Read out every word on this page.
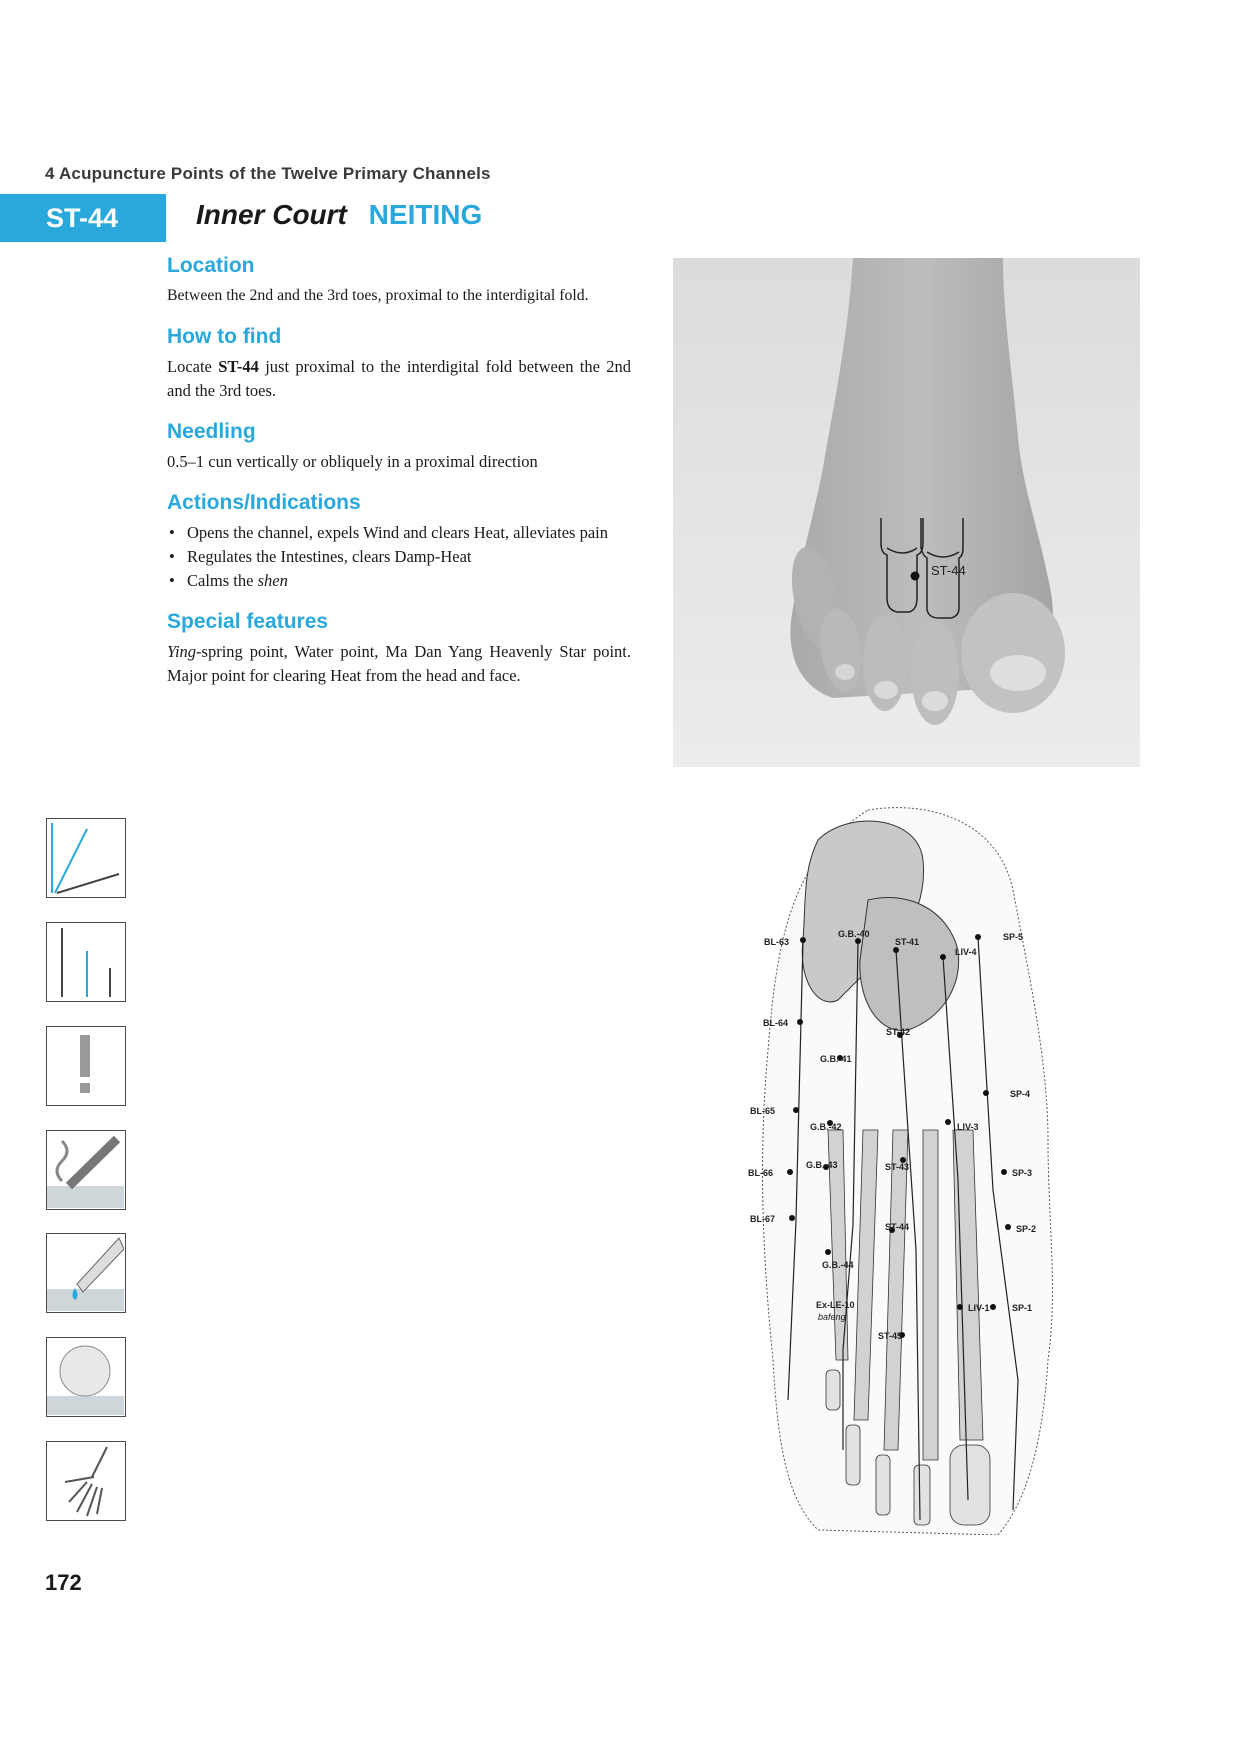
4 Acupuncture Points of the Twelve Primary Channels
ST-44	Inner Court NEITING
Location

Between the 2nd and the 3rd toes, proximal to the interdigital fold.

How to find

Locate ST-44 just proximal to the interdigital fold between the 2nd and the 3rd toes.

Needling

0.5–1 cun vertically or obliquely in a proximal direction

Actions/Indications
• Opens the channel, expels Wind and clears Heat, alleviates pain
• Regulates the Intestines, clears Damp-Heat
• Calms the shen
Special features

Ying-spring point, Water point, Ma Dan Yang Heavenly Star point. Major point for clearing Heat from the head and face.

ST-44
BL-63
G.B.-40
ST-41
LIV-4
SP-5
BL-64
ST-42
G.B.-41
SP-4
BL-65
G.B.-42	LIV-3
G.B.-43	ST-43
SP-3
BL-66
BL-67
ST-44	SP-2
G.B.-44
Ex-LE-10
bafeng
LIV-1 SP-1
ST-45
172
